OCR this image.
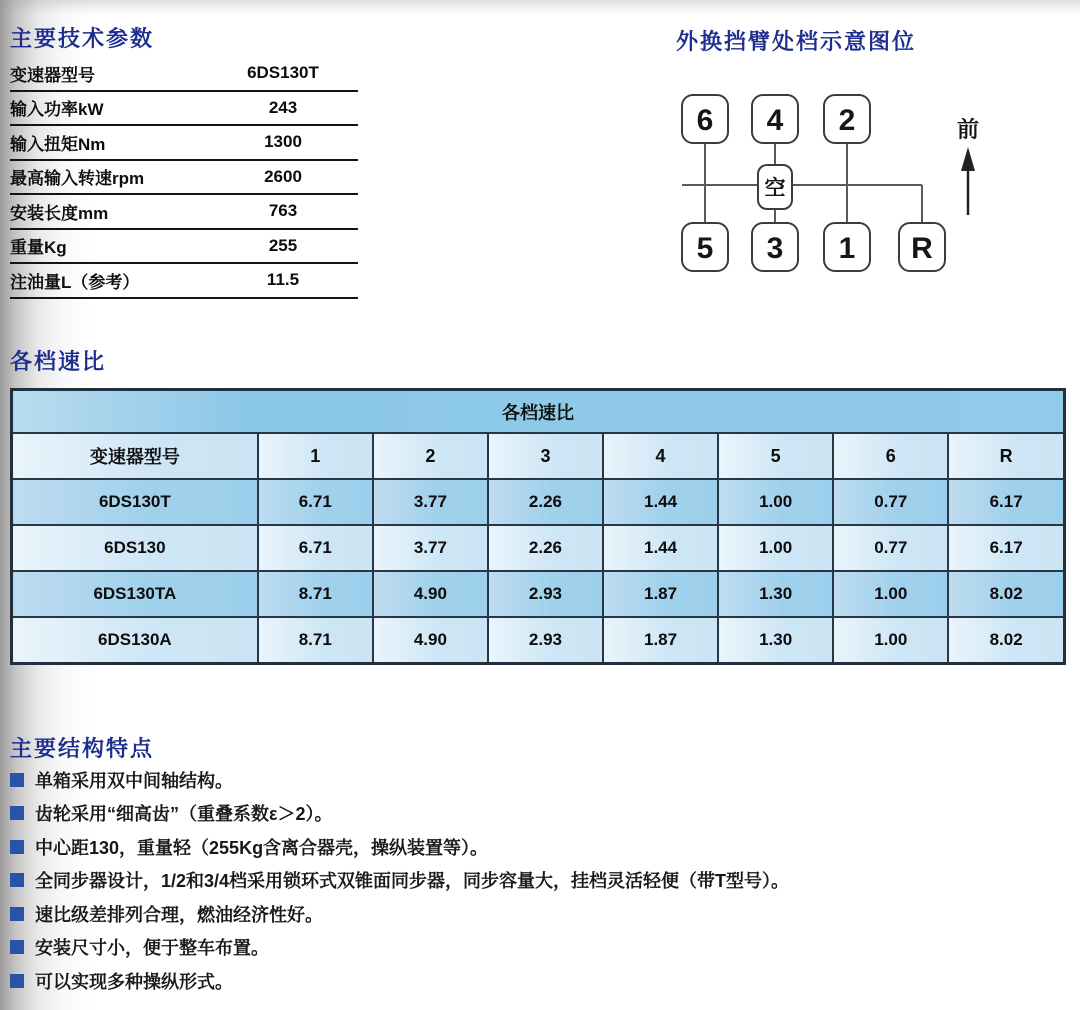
主要技术参数
变速器型号	6DS130T
输入功率kW	243
输入扭矩Nm	1300
最高输入转速rpm	2600
安装长度mm	763
重量Kg	255
注油量L（参考）	11.5
外换挡臂处档示意图位
6 4 2
空
5 3 1 R
前
各档速比
各档速比							
变速器型号	1	2	3	4	5	6	R
6DS130T	6.71	3.77	2.26	1.44	1.00	0.77	6.17
6DS130	6.71	3.77	2.26	1.44	1.00	0.77	6.17
6DS130TA	8.71	4.90	2.93	1.87	1.30	1.00	8.02
6DS130A	8.71	4.90	2.93	1.87	1.30	1.00	8.02
主要结构特点
单箱采用双中间轴结构。
齿轮采用“细高齿”（重叠系数ε＞2）。
中心距130，重量轻（255Kg含离合器壳，操纵装置等）。
全同步器设计，1/2和3/4档采用锁环式双锥面同步器，同步容量大，挂档灵活轻便（带T型号）。
速比级差排列合理，燃油经济性好。
安装尺寸小，便于整车布置。
可以实现多种操纵形式。
